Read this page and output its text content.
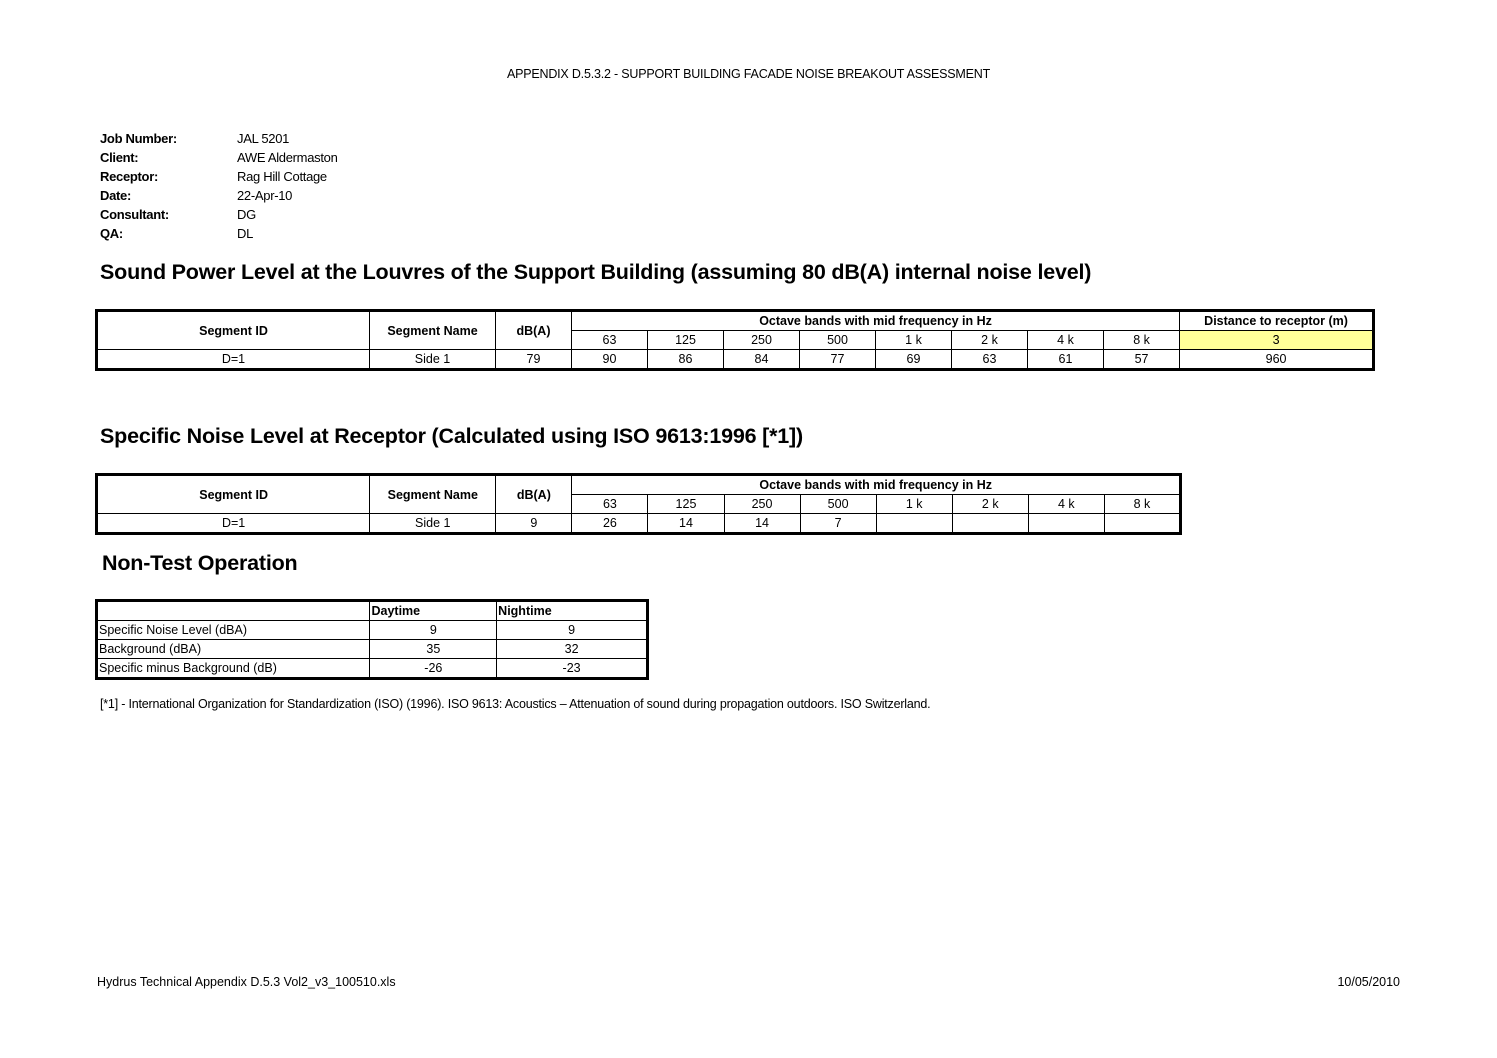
APPENDIX D.5.3.2 - SUPPORT BUILDING FACADE NOISE BREAKOUT ASSESSMENT
Job Number:	JAL 5201
Client:	AWE Aldermaston
Receptor:	Rag Hill Cottage
Date:	22-Apr-10
Consultant:	DG
QA:	DL
Sound Power Level at the Louvres of the Support Building (assuming 80 dB(A) internal noise level)
Segment ID	Segment Name	dB(A)	Octave bands with mid frequency in Hz								Distance to receptor (m)
			63	125	250	500	1 k	2 k	4 k	8 k	3
D=1	Side 1	79	90	86	84	77	69	63	61	57	960
Specific Noise Level at Receptor (Calculated using ISO 9613:1996 [*1])
Segment ID	Segment Name	dB(A)	Octave bands with mid frequency in Hz							
			63	125	250	500	1 k	2 k	4 k	8 k
D=1	Side 1	9	26	14	14	7				
Non-Test Operation
	Daytime	Nightime
Specific Noise Level (dBA)	9	9
Background (dBA)	35	32
Specific minus Background (dB)	-26	-23
[*1] - International Organization for Standardization (ISO) (1996). ISO 9613: Acoustics – Attenuation of sound during propagation outdoors. ISO Switzerland.
Hydrus Technical Appendix D.5.3 Vol2_v3_100510.xls	10/05/2010
